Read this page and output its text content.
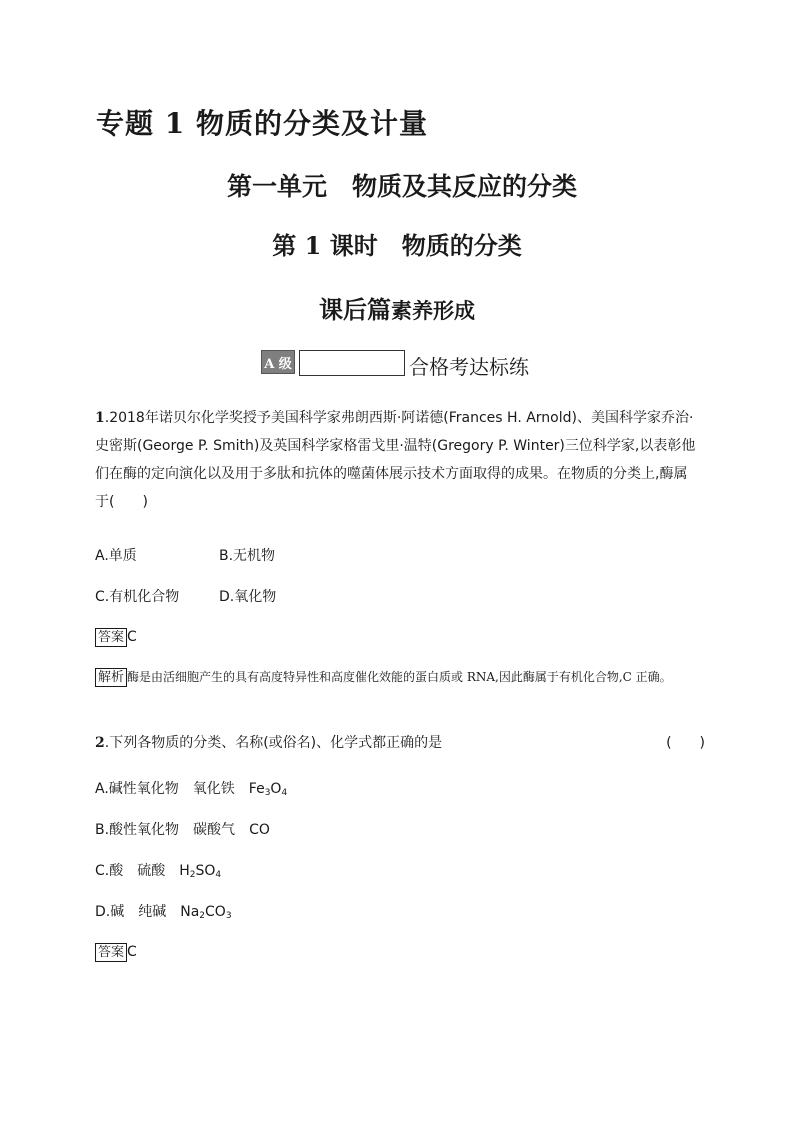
专题 1 物质的分类及计量
第一单元　物质及其反应的分类
第 1 课时　物质的分类
课后篇素养形成
A 级	合格考达标练
1.2018年诺贝尔化学奖授予美国科学家弗朗西斯·阿诺德(Frances H. Arnold)、美国科学家乔治·史密斯(George P. Smith)及英国科学家格雷戈里·温特(Gregory P. Winter)三位科学家,以表彰他们在酶的定向演化以及用于多肽和抗体的噬菌体展示技术方面取得的成果。在物质的分类上,酶属于(　　)
A.单质	B.无机物
C.有机化合物	D.氧化物
答案 C
解析 酶是由活细胞产生的具有高度特异性和高度催化效能的蛋白质或 RNA,因此酶属于有机化合物,C 正确。
2.下列各物质的分类、名称(或俗名)、化学式都正确的是	(　　)
A.碱性氧化物　氧化铁　$Fe_3O_4$
B.酸性氧化物　碳酸气　CO
C.酸　硫酸　$H_2SO_4$
D.碱　纯碱　$Na_2CO_3$
答案 C
